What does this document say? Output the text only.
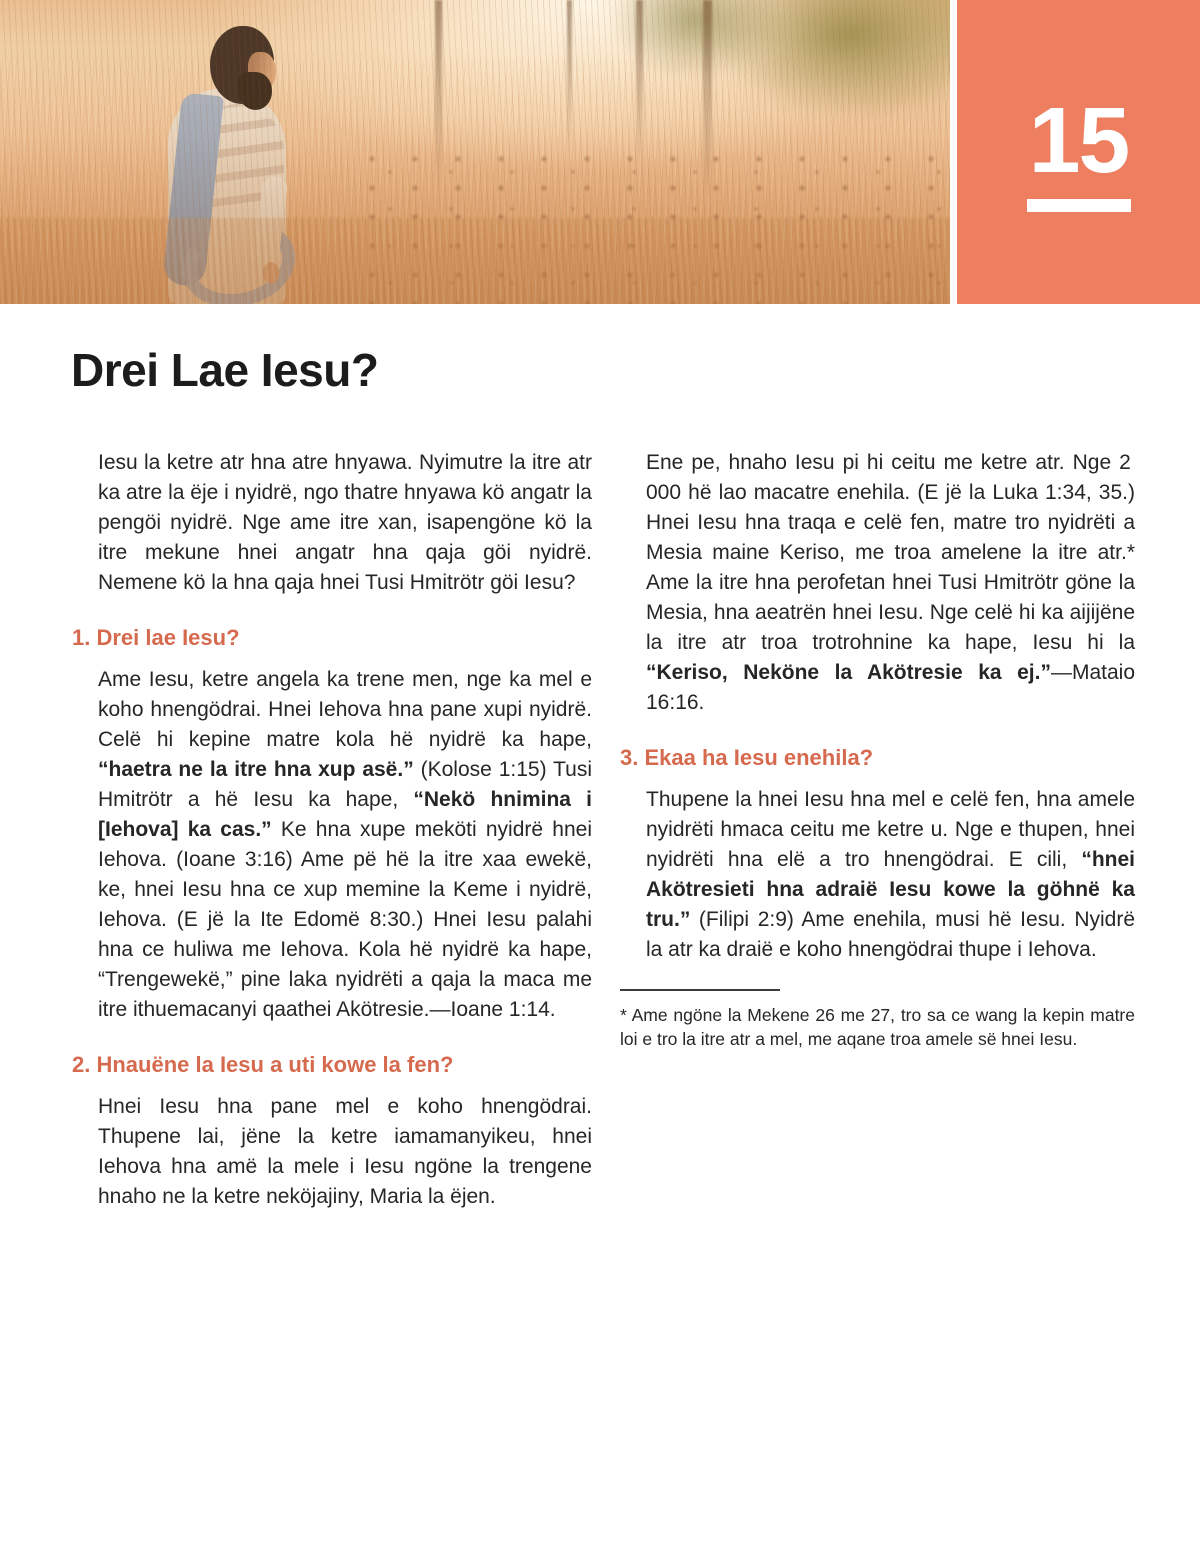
15
Drei Lae Iesu?

Iesu la ketre atr hna atre hnyawa. Nyimutre la itre atr ka atre la ëje i nyidrë, ngo thatre hnyawa kö angatr la pengöi nyidrë. Nge ame itre xan, isapengöne kö la itre mekune hnei angatr hna qaja göi nyidrë. Nemene kö la hna qaja hnei Tusi Hmitrötr göi Iesu?

1. Drei lae Iesu?

Ame Iesu, ketre angela ka trene men, nge ka mel e koho hnengödrai. Hnei Iehova hna pane xupi nyidrë. Celë hi kepine matre kola hë nyidrë ka hape, “haetra ne la itre hna xup asë.” (Kolose 1:15) Tusi Hmitrötr a hë Iesu ka hape, “Nekö hnimina i [Iehova] ka cas.” Ke hna xupe meköti nyidrë hnei Iehova. (Ioane 3:16) Ame pë hë la itre xaa ewekë, ke, hnei Iesu hna ce xup memine la Keme i nyidrë, Iehova. (E jë la Ite Edomë 8:30.) Hnei Iesu palahi hna ce huliwa me Iehova. Kola hë nyidrë ka hape, “Trengewekë,” pine laka nyidrëti a qaja la maca me itre ithuemacanyi qaathei Akötresie.—Ioane 1:14.

2. Hnauëne la Iesu a uti kowe la fen?

Hnei Iesu hna pane mel e koho hnengödrai. Thupene lai, jëne la ketre iamamanyikeu, hnei Iehova hna amë la mele i Iesu ngöne la trengene hnaho ne la ketre neköjajiny, Maria la ëjen.

Ene pe, hnaho Iesu pi hi ceitu me ketre atr. Nge 2 000 hë lao macatre enehila. (E jë la Luka 1:34, 35.) Hnei Iesu hna traqa e celë fen, matre tro nyidrëti a Mesia maine Keriso, me troa amelene la itre atr.* Ame la itre hna perofetan hnei Tusi Hmitrötr göne la Mesia, hna aeatrën hnei Iesu. Nge celë hi ka aijijëne la itre atr troa trotrohnine ka hape, Iesu hi la “Keriso, Neköne la Akötresie ka ej.”—Mataio 16:16.

3. Ekaa ha Iesu enehila?

Thupene la hnei Iesu hna mel e celë fen, hna amele nyidrëti hmaca ceitu me ketre u. Nge e thupen, hnei nyidrëti hna elë a tro hnengödrai. E cili, “hnei Akötresieti hna adraië Iesu kowe la göhnë ka tru.” (Filipi 2:9) Ame enehila, musi hë Iesu. Nyidrë la atr ka draië e koho hnengödrai thupe i Iehova.

* Ame ngöne la Mekene 26 me 27, tro sa ce wang la kepin matre loi e tro la itre atr a mel, me aqane troa amele së hnei Iesu.
